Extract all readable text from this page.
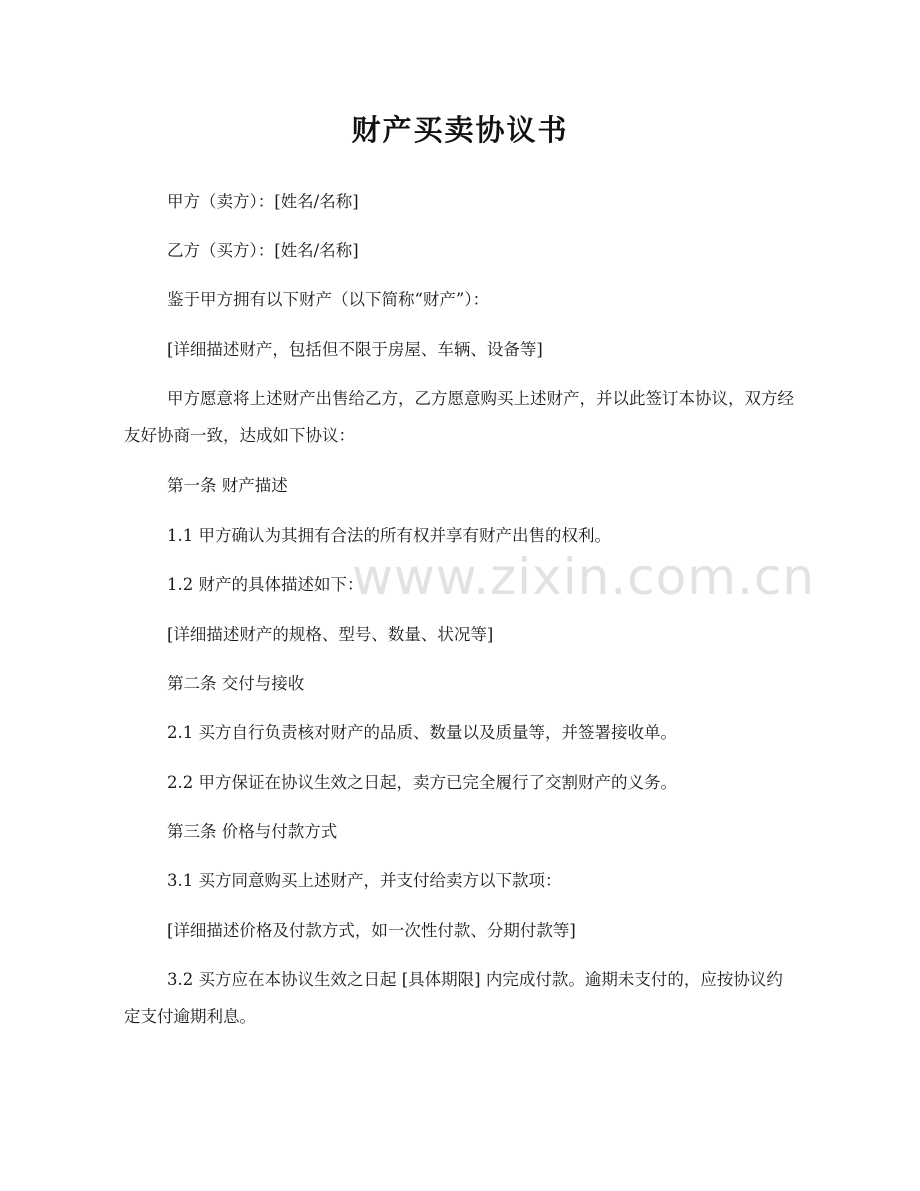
财产买卖协议书

甲方（卖方）：[姓名/名称]

乙方（买方）：[姓名/名称]

鉴于甲方拥有以下财产（以下简称“财产”）：

[详细描述财产，包括但不限于房屋、车辆、设备等]

甲方愿意将上述财产出售给乙方，乙方愿意购买上述财产，并以此签订本协议，双方经友好协商一致，达成如下协议：

第一条 财产描述

1.1 甲方确认为其拥有合法的所有权并享有财产出售的权利。

1.2 财产的具体描述如下：

[详细描述财产的规格、型号、数量、状况等]

第二条 交付与接收

2.1 买方自行负责核对财产的品质、数量以及质量等，并签署接收单。

2.2 甲方保证在协议生效之日起，卖方已完全履行了交割财产的义务。

第三条 价格与付款方式

3.1 买方同意购买上述财产，并支付给卖方以下款项：

[详细描述价格及付款方式，如一次性付款、分期付款等]

3.2 买方应在本协议生效之日起 [具体期限] 内完成付款。逾期未支付的，应按协议约定支付逾期利息。

www.zixin.com.cn
